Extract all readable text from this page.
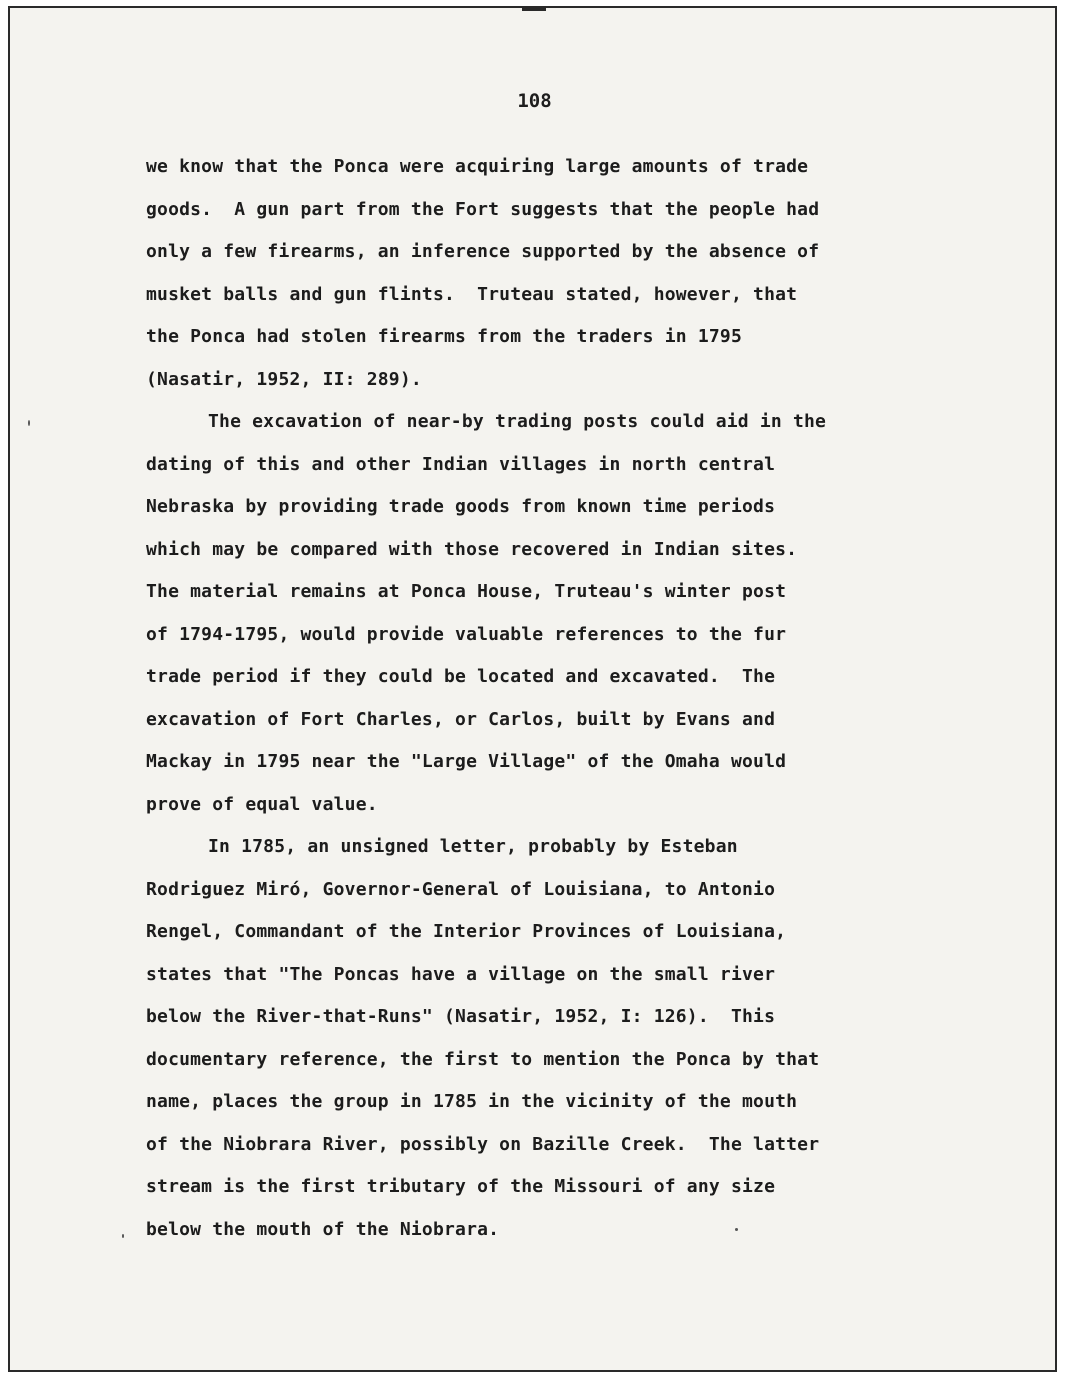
108
we know that the Ponca were acquiring large amounts of trade
goods.  A gun part from the Fort suggests that the people had
only a few firearms, an inference supported by the absence of
musket balls and gun flints.  Truteau stated, however, that
the Ponca had stolen firearms from the traders in 1795
(Nasatir, 1952, II: 289).
The excavation of near-by trading posts could aid in the
dating of this and other Indian villages in north central
Nebraska by providing trade goods from known time periods
which may be compared with those recovered in Indian sites.
The material remains at Ponca House, Truteau's winter post
of 1794-1795, would provide valuable references to the fur
trade period if they could be located and excavated.  The
excavation of Fort Charles, or Carlos, built by Evans and
Mackay in 1795 near the "Large Village" of the Omaha would
prove of equal value.
In 1785, an unsigned letter, probably by Esteban
Rodriguez Miró, Governor-General of Louisiana, to Antonio
Rengel, Commandant of the Interior Provinces of Louisiana,
states that "The Poncas have a village on the small river
below the River-that-Runs" (Nasatir, 1952, I: 126).  This
documentary reference, the first to mention the Ponca by that
name, places the group in 1785 in the vicinity of the mouth
of the Niobrara River, possibly on Bazille Creek.  The latter
stream is the first tributary of the Missouri of any size
below the mouth of the Niobrara.
